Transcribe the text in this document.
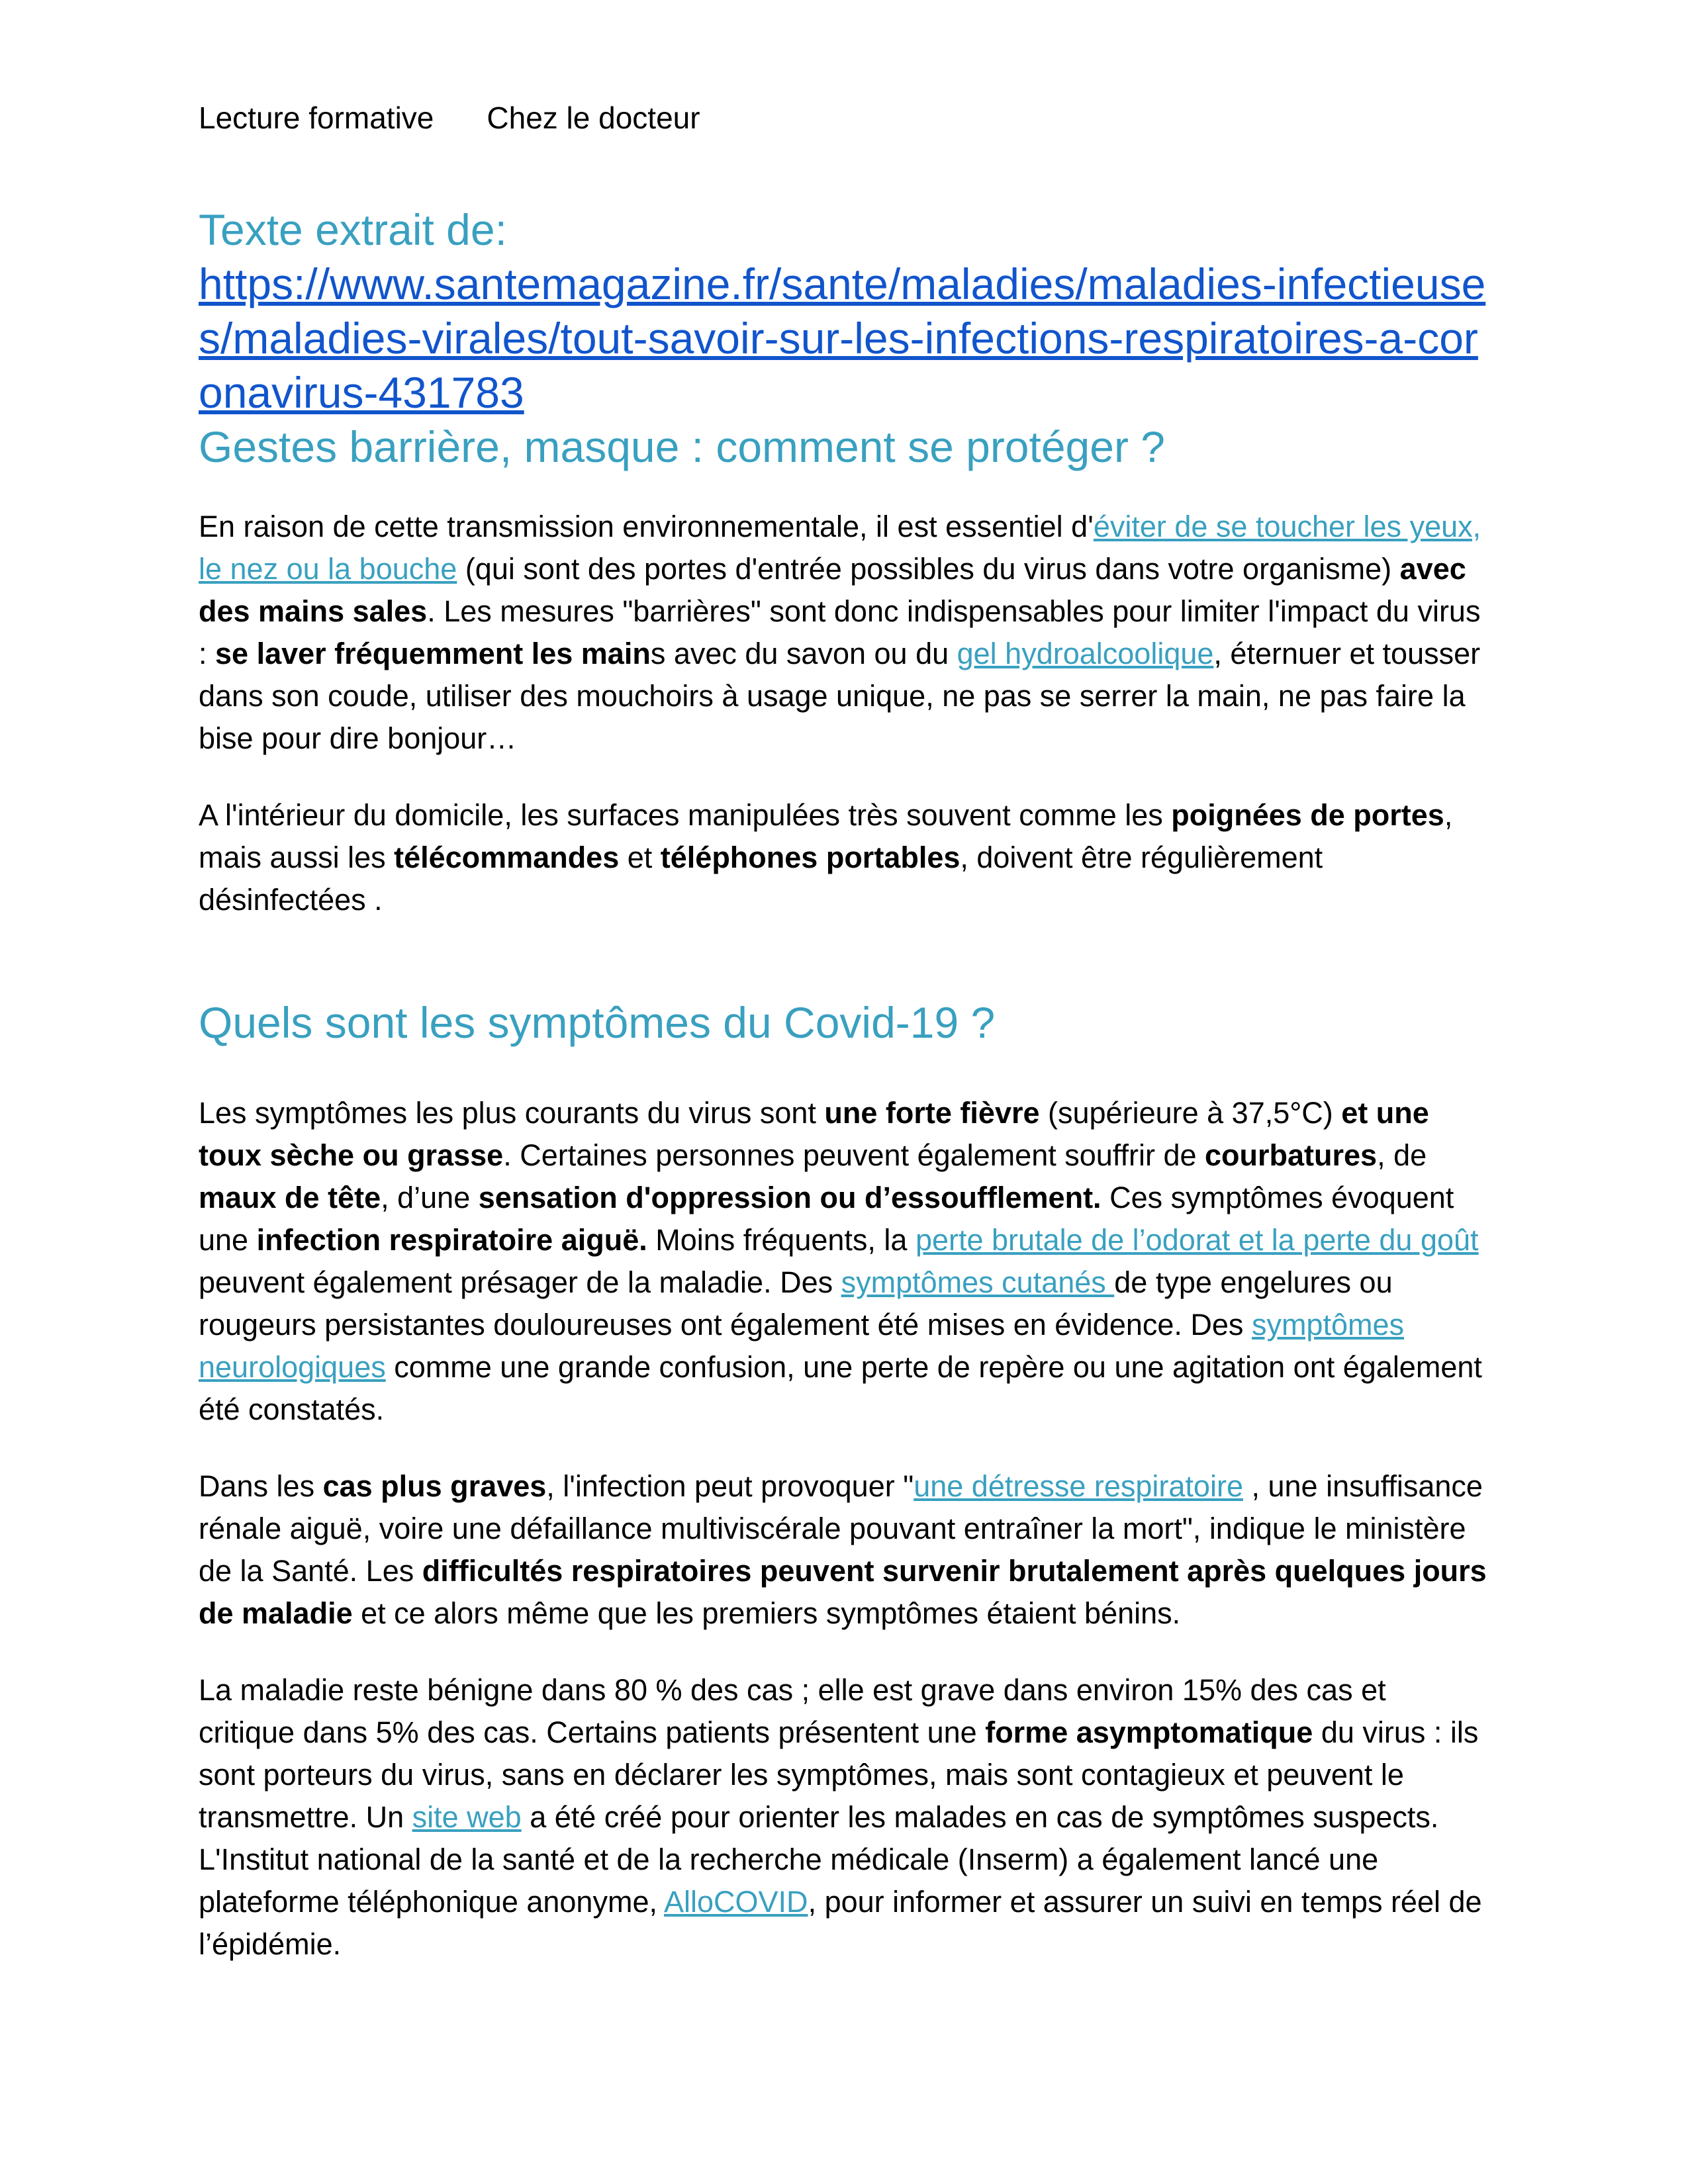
Lecture formative Chez le docteur
Texte extrait de:
https://www.santemagazine.fr/sante/maladies/maladies-infectieuses/maladies-virales/tout-savoir-sur-les-infections-respiratoires-a-coronavirus-431783
Gestes barrière, masque : comment se protéger ?

En raison de cette transmission environnementale, il est essentiel d'éviter de se toucher les yeux, le nez ou la bouche (qui sont des portes d'entrée possibles du virus dans votre organisme) avec des mains sales. Les mesures "barrières" sont donc indispensables pour limiter l'impact du virus : se laver fréquemment les mains avec du savon ou du gel hydroalcoolique, éternuer et tousser dans son coude, utiliser des mouchoirs à usage unique, ne pas se serrer la main, ne pas faire la bise pour dire bonjour…

A l'intérieur du domicile, les surfaces manipulées très souvent comme les poignées de portes, mais aussi les télécommandes et téléphones portables, doivent être régulièrement désinfectées .

Quels sont les symptômes du Covid-19 ?

Les symptômes les plus courants du virus sont une forte fièvre (supérieure à 37,5°C) et une toux sèche ou grasse. Certaines personnes peuvent également souffrir de courbatures, de maux de tête, d’une sensation d'oppression ou d’essoufflement. Ces symptômes évoquent une infection respiratoire aiguë. Moins fréquents, la perte brutale de l’odorat et la perte du goût peuvent également présager de la maladie. Des symptômes cutanés de type engelures ou rougeurs persistantes douloureuses ont également été mises en évidence. Des symptômes neurologiques comme une grande confusion, une perte de repère ou une agitation ont également été constatés.

Dans les cas plus graves, l'infection peut provoquer "une détresse respiratoire , une insuffisance rénale aiguë, voire une défaillance multiviscérale pouvant entraîner la mort", indique le ministère de la Santé. Les difficultés respiratoires peuvent survenir brutalement après quelques jours de maladie et ce alors même que les premiers symptômes étaient bénins.

La maladie reste bénigne dans 80 % des cas ; elle est grave dans environ 15% des cas et critique dans 5% des cas. Certains patients présentent une forme asymptomatique du virus : ils sont porteurs du virus, sans en déclarer les symptômes, mais sont contagieux et peuvent le transmettre. Un site web a été créé pour orienter les malades en cas de symptômes suspects. L'Institut national de la santé et de la recherche médicale (Inserm) a également lancé une plateforme téléphonique anonyme, AlloCOVID, pour informer et assurer un suivi en temps réel de l’épidémie.
